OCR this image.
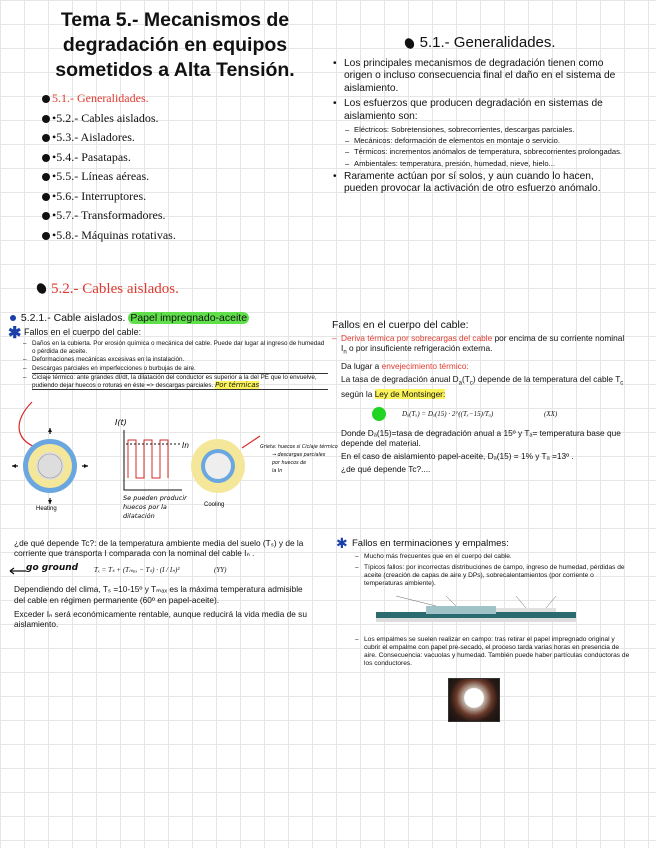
Tema 5.- Mecanismos de degradación en equipos sometidos a Alta Tensión.
5.1.- Generalidades.
•5.2.- Cables aislados.
•5.3.- Aisladores.
•5.4.- Pasatapas.
•5.5.- Líneas aéreas.
•5.6.- Interruptores.
•5.7.- Transformadores.
•5.8.- Máquinas rotativas.
5.1.- Generalidades.
• Los principales mecanismos de degradación tienen como origen o incluso consecuencia final el daño en el sistema de aislamiento.
• Los esfuerzos que producen degradación en sistemas de aislamiento son:
– Eléctricos: Sobretensiones, sobrecorrientes, descargas parciales.
– Mecánicos: deformación de elementos en montaje o servicio.
– Térmicos: incrementos anómalos de temperatura, sobrecorrientes prolongadas.
– Ambientales: temperatura, presión, humedad, nieve, hielo...
• Raramente actúan por sí solos, y aun cuando lo hacen, pueden provocar la activación de otro esfuerzo anómalo.
5.2.- Cables aislados.
5.2.1.- Cable aislados. Papel impregnado-aceite
✱ Fallos en el cuerpo del cable:
– Daños en la cubierta. Por erosión química o mecánica del cable. Puede dar lugar al ingreso de humedad o pérdida de aceite.
– Deformaciones mecánicas excesivas en la instalación.
– Descargas parciales en imperfecciones o burbujas de aire.
– Ciclaje térmico: ante grandes dI/dt, la dilatación del conductor es superior a la del PE que lo envuelve, pudiendo dejar huecos o roturas en éste => descargas parciales. Por térmicas
I(t)
In
Se pueden producir
huecos por la
dilatación
Grieta: huecos si Ciclaje térmico
→ descargas parciales
por huecos de
la In
Heating
Cooling
Fallos en el cuerpo del cable:
– Deriva térmica por sobrecargas del cable por encima de su corriente nominal $I_n$ o por insuficiente refrigeración externa.
Da lugar a envejecimiento térmico:
La tasa de degradación anual $D_a(T_c)$ depende de la temperatura del cable $T_c$ según la Ley de Montsinger:
Dₐ(Tₓ) = Dₐ(15) · 2^((Tₓ−15)/Tₐ)	(XX)
Donde Dₐ(15)=tasa de degradación anual a 15º y Tₐ= temperatura base que depende del material.
En el caso de aislamiento papel-aceite, Dₐ(15) = 1% y Tₐ =13º .
¿de qué depende Tc?....
¿de qué depende Tc?: de la temperatura ambiente media del suelo (Tₛ) y de la corriente que transporta I comparada con la nominal del cable Iₙ .
go ground Tₓ = Tₛ + (Tₘₐₓ − Tₛ) · (I / Iₙ)²	(YY)
Dependiendo del clima, Tₛ =10-15º y Tₘₐₓ es la máxima temperatura admisible del cable en régimen permanente (60º en papel-aceite).
Exceder Iₙ será económicamente rentable, aunque reducirá la vida media de su aislamiento.
✱ Fallos en terminaciones y empalmes:
– Mucho más frecuentes que en el cuerpo del cable.
– Típicos fallos: por incorrectas distribuciones de campo, ingreso de humedad, pérdidas de aceite (creación de capas de aire y DPs), sobrecalentamientos (por corriente o temperaturas ambiente).
– Los empalmes se suelen realizar en campo: tras retirar el papel impregnado original y cubrir el empalme con papel pre-secado, el proceso tarda varias horas en presencia de aire. Consecuencia: vacuolas y humedad. También puede haber partículas conductoras de los conductores.
